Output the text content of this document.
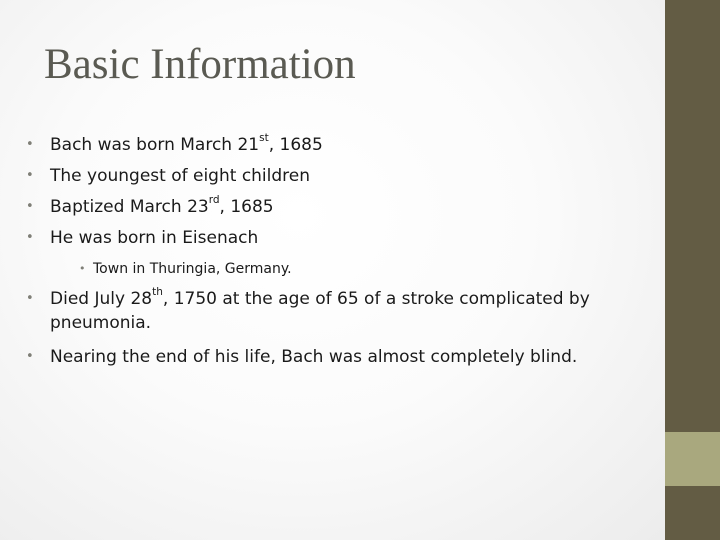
Basic Information
• Bach was born March 21st, 1685
• The youngest of eight children
• Baptized March 23rd, 1685
• He was born in Eisenach
• Town in Thuringia, Germany.
• Died July 28th, 1750 at the age of 65 of a stroke complicated by pneumonia.
• Nearing the end of his life, Bach was almost completely blind.
